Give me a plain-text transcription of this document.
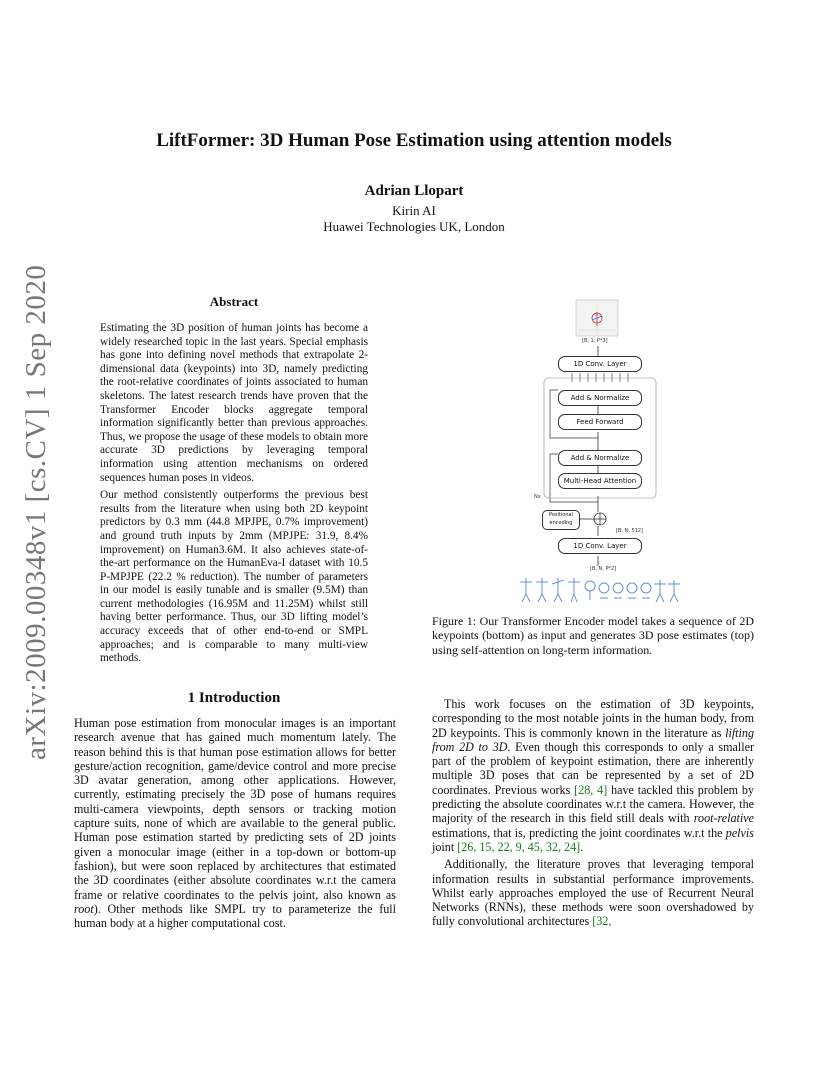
arXiv:2009.00348v1 [cs.CV] 1 Sep 2020
LiftFormer: 3D Human Pose Estimation using attention models
Adrian Llopart
Kirin AI
Huawei Technologies UK, London
Abstract

Estimating the 3D position of human joints has become a widely researched topic in the last years. Special emphasis has gone into defining novel methods that extrapolate 2-dimensional data (keypoints) into 3D, namely predicting the root-relative coordinates of joints associated to human skeletons. The latest research trends have proven that the Transformer Encoder blocks aggregate temporal information significantly better than previous approaches. Thus, we propose the usage of these models to obtain more accurate 3D predictions by leveraging temporal information using attention mechanisms on ordered sequences human poses in videos.

Our method consistently outperforms the previous best results from the literature when using both 2D keypoint predictors by 0.3 mm (44.8 MPJPE, 0.7% improvement) and ground truth inputs by 2mm (MPJPE: 31.9, 8.4% improvement) on Human3.6M. It also achieves state-of-the-art performance on the HumanEva-I dataset with 10.5 P-MPJPE (22.2 % reduction). The number of parameters in our model is easily tunable and is smaller (9.5M) than current methodologies (16.95M and 11.25M) whilst still having better performance. Thus, our 3D lifting model’s accuracy exceeds that of other end-to-end or SMPL approaches; and is comparable to many multi-view methods.

1 Introduction

Human pose estimation from monocular images is an important research avenue that has gained much momentum lately. The reason behind this is that human pose estimation allows for better gesture/action recognition, game/device control and more precise 3D avatar generation, among other applications. However, currently, estimating precisely the 3D pose of humans requires multi-camera viewpoints, depth sensors or tracking motion capture suits, none of which are available to the general public. Human pose estimation started by predicting sets of 2D joints given a monocular image (either in a top-down or bottom-up fashion), but were soon replaced by architectures that estimated the 3D coordinates (either absolute coordinates w.r.t the camera frame or relative coordinates to the pelvis joint, also known as root). Other methods like SMPL try to parameterize the full human body at a higher computational cost.

This work focuses on the estimation of 3D keypoints, corresponding to the most notable joints in the human body, from 2D keypoints. This is commonly known in the literature as lifting from 2D to 3D. Even though this corresponds to only a smaller part of the problem of keypoint estimation, there are inherently multiple 3D poses that can be represented by a set of 2D coordinates. Previous works [28, 4] have tackled this problem by predicting the absolute coordinates w.r.t the camera. However, the majority of the research in this field still deals with root-relative estimations, that is, predicting the joint coordinates w.r.t the pelvis joint [26, 15, 22, 9, 45, 32, 24].

Additionally, the literature proves that leveraging temporal information results in substantial performance improvements. Whilst early approaches employed the use of Recurrent Neural Networks (RNNs), these methods were soon overshadowed by fully convolutional architectures [32,

[B, 1, P*3]
1D Conv. Layer
Add & Normalize
Feed Forward
Add & Normalize
Multi-Head Attention
Nx
Positional encoding
[B, N, 512]
1D Conv. Layer
[B, N, P*2]
Figure 1: Our Transformer Encoder model takes a sequence of 2D keypoints (bottom) as input and generates 3D pose estimates (top) using self-attention on long-term information.
